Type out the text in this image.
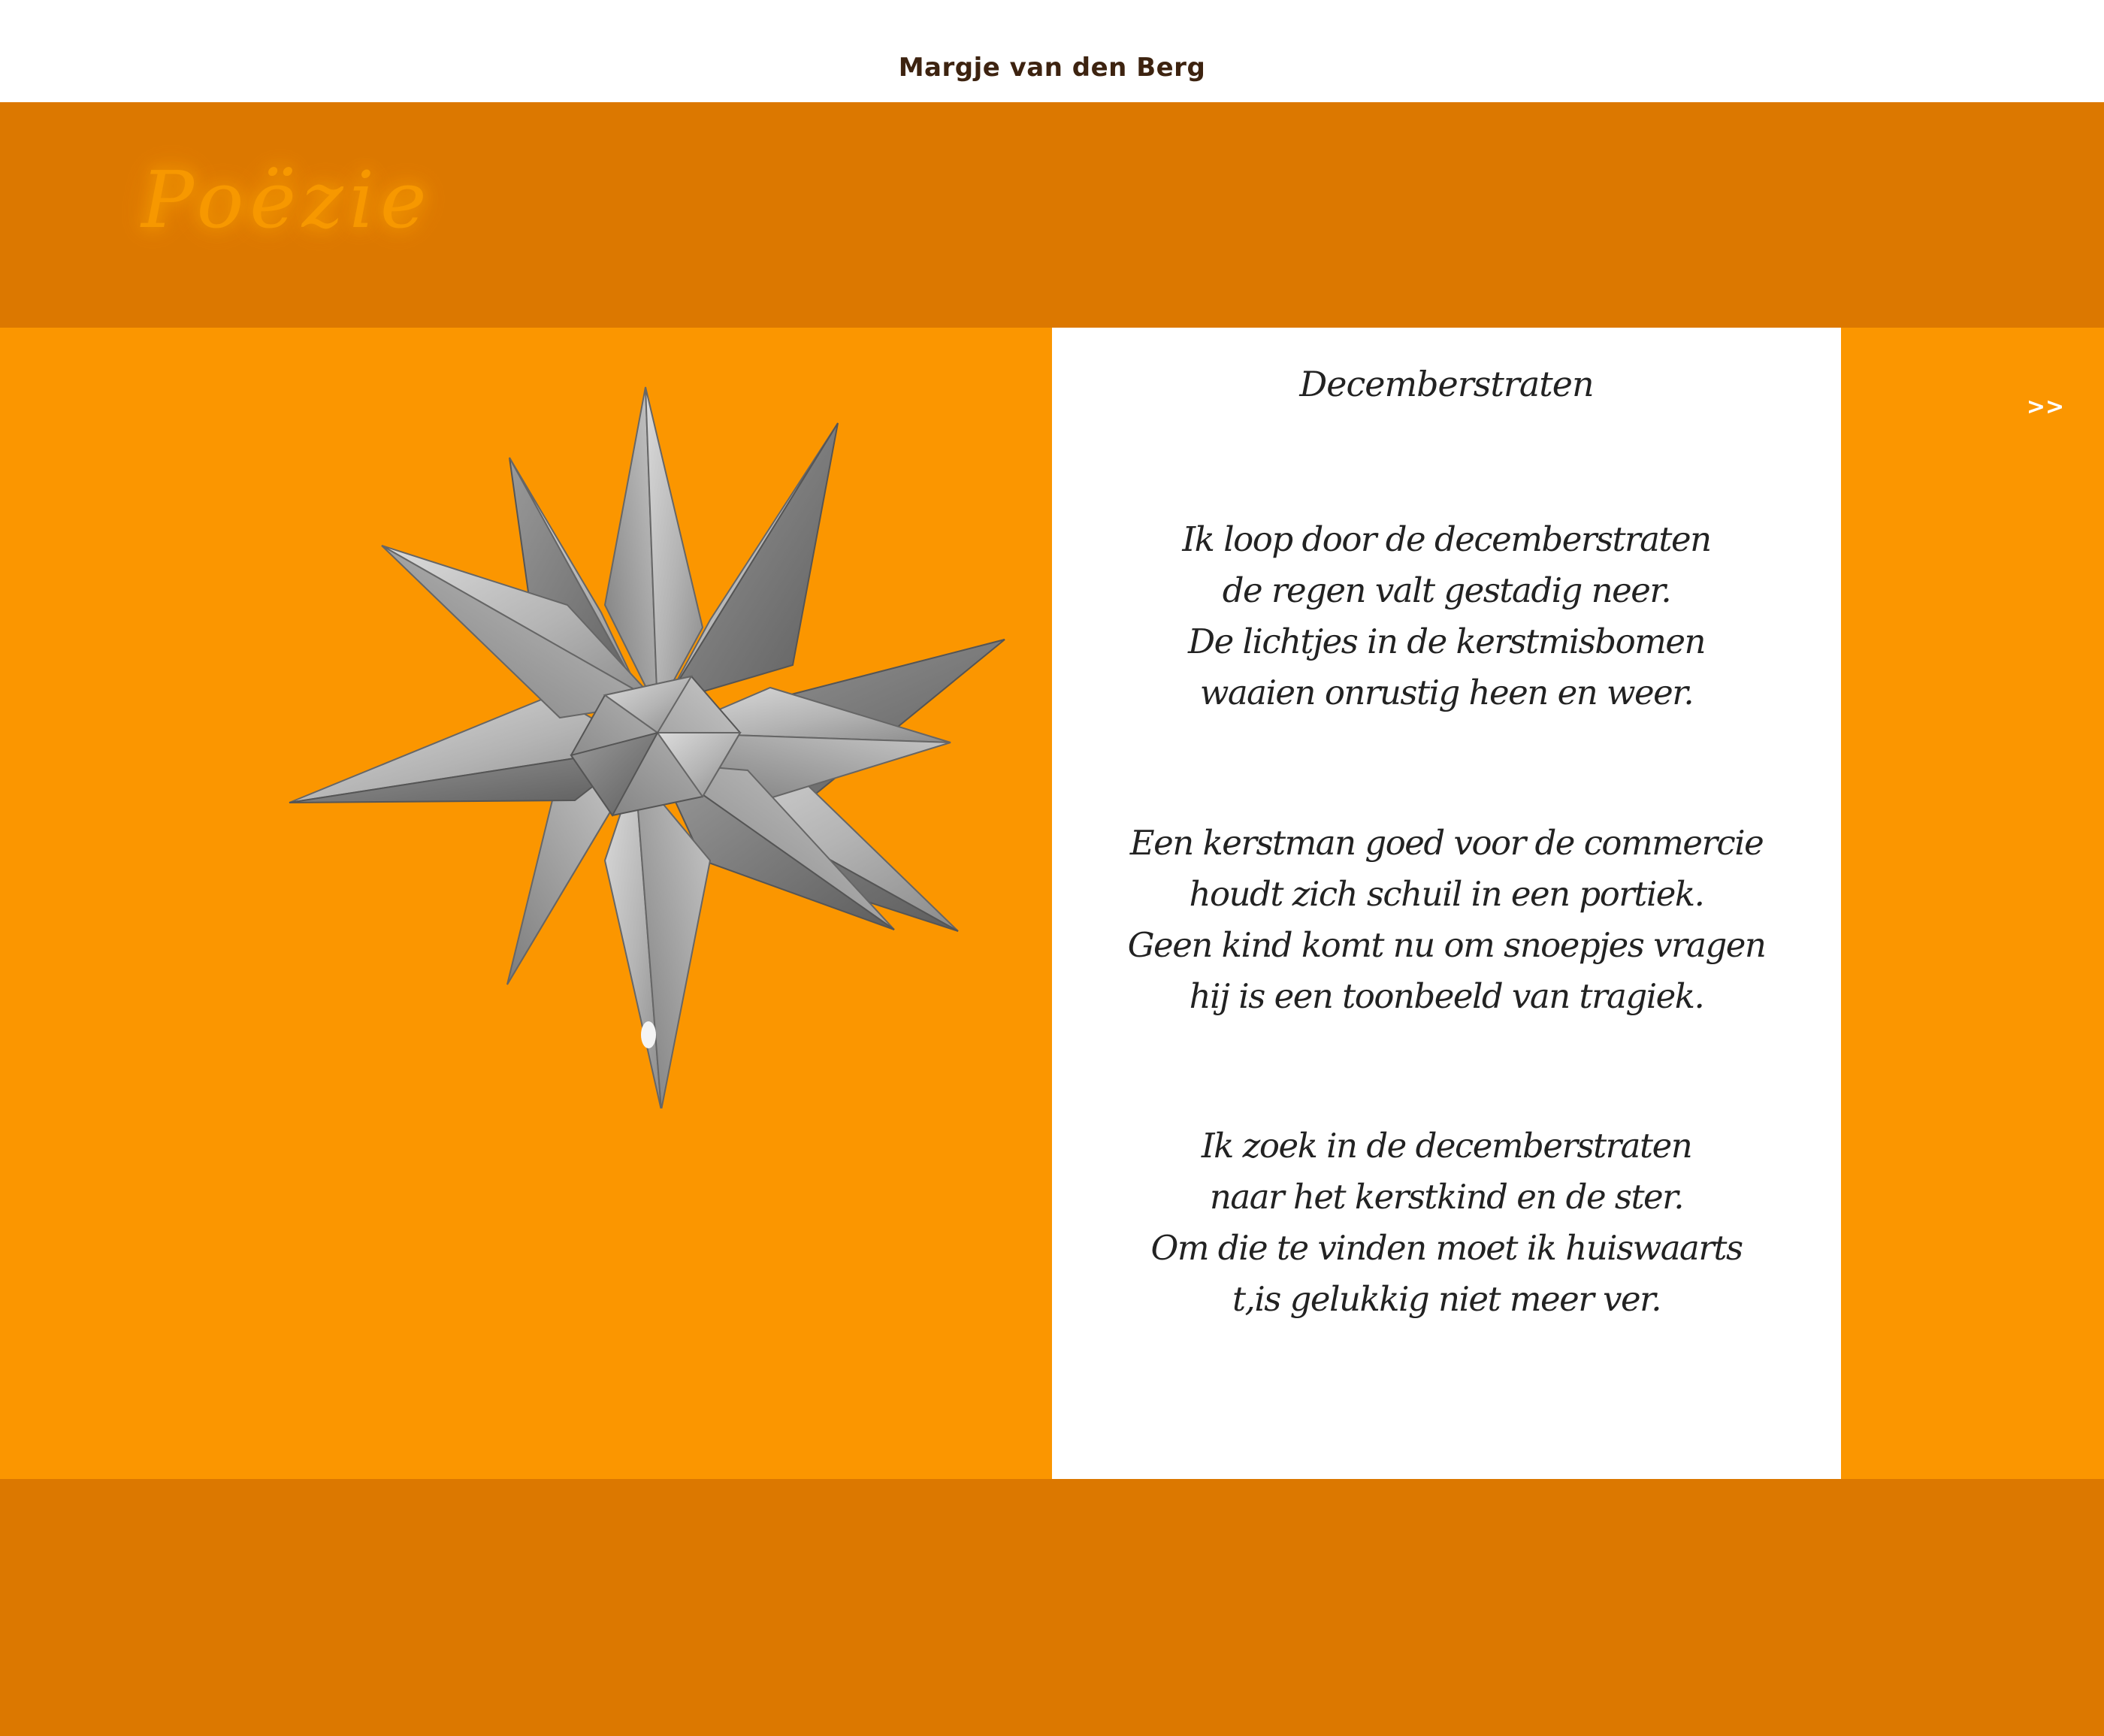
Margje van den Berg
Poëzie
Decemberstraten
Ik loop door de decemberstraten
de regen valt gestadig neer.
De lichtjes in de kerstmisbomen
waaien onrustig heen en weer.
Een kerstman goed voor de commercie
houdt zich schuil in een portiek.
Geen kind komt nu om snoepjes vragen
hij is een toonbeeld van tragiek.
Ik zoek in de decemberstraten
naar het kerstkind en de ster.
Om die te vinden moet ik huiswaarts
t,is gelukkig niet meer ver.
>>
